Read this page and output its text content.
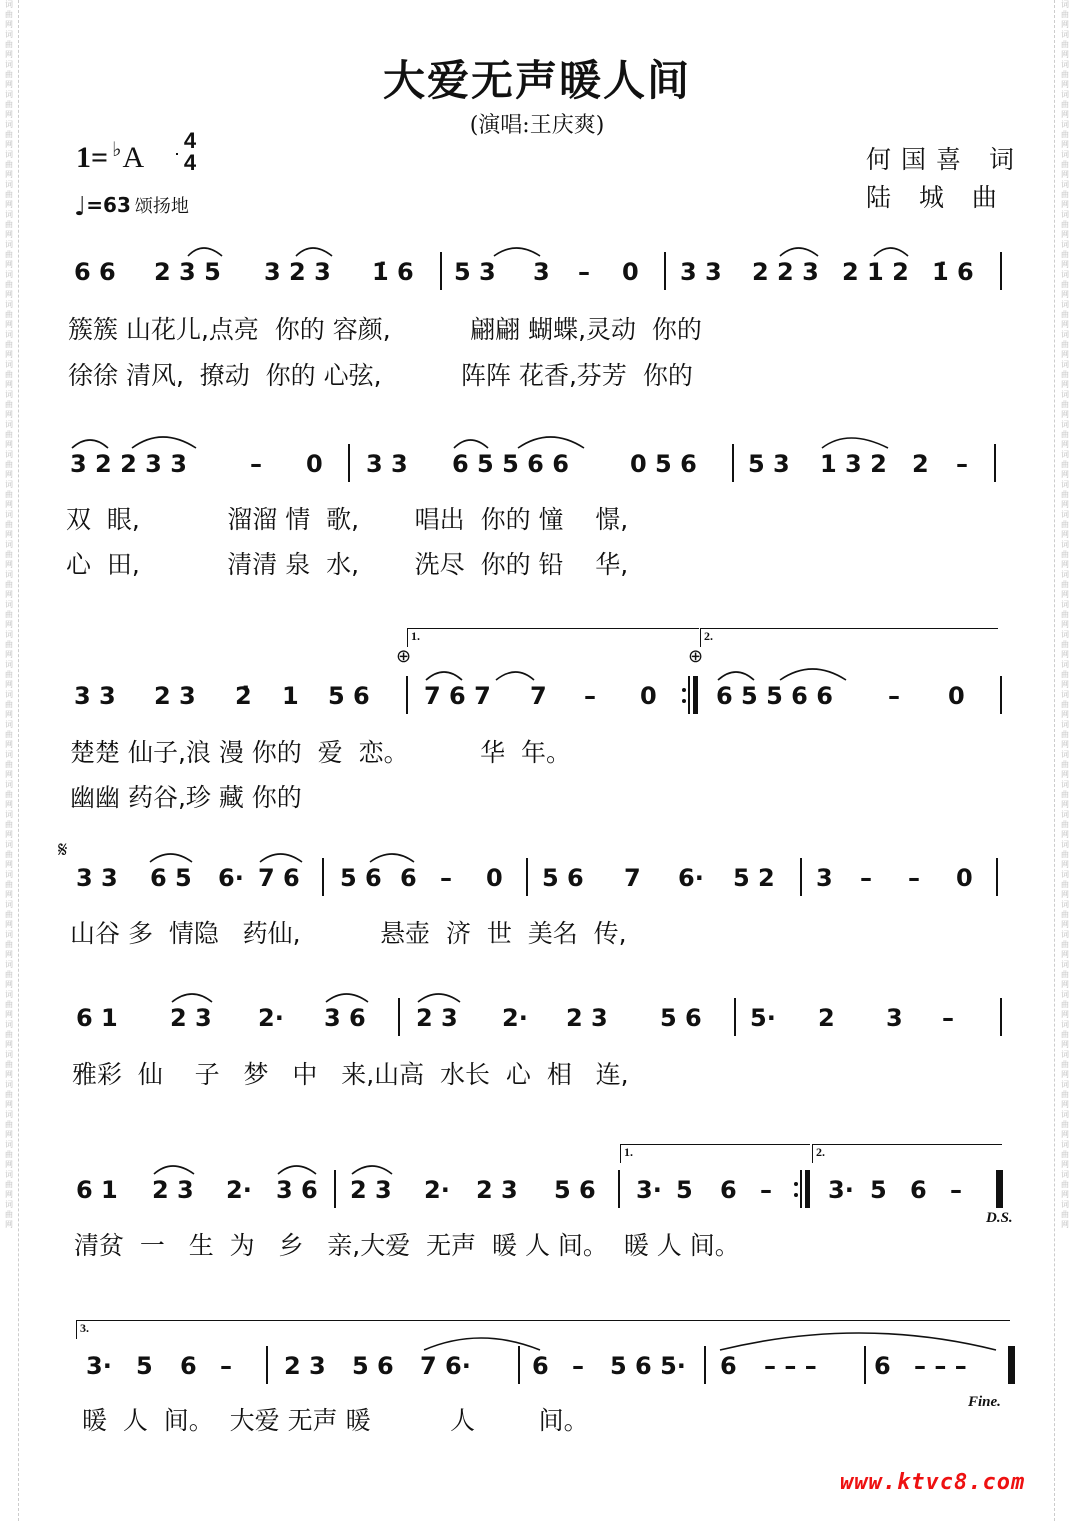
词曲网词曲网词曲网词曲网词曲网词曲网词曲网词曲网词曲网词曲网词曲网词曲网词曲网词曲网词曲网词曲网词曲网词曲网词曲网词曲网词曲网词曲网词曲网词曲网词曲网词曲网词曲网词曲网词曲网词曲网词曲网词曲网词曲网词曲网词曲网词曲网词曲网词曲网词曲网词曲网词曲网
词曲网词曲网词曲网词曲网词曲网词曲网词曲网词曲网词曲网词曲网词曲网词曲网词曲网词曲网词曲网词曲网词曲网词曲网词曲网词曲网词曲网词曲网词曲网词曲网词曲网词曲网词曲网词曲网词曲网词曲网词曲网词曲网词曲网词曲网词曲网词曲网词曲网词曲网词曲网词曲网词曲网
大爱无声暖人间
(演唱:王庆爽)
1= ♭A
4
4
♩=63 颂扬地
何国喜 词
陆 城 曲
6 6 2 3 5 3 2 3 1̇ 6 5 3 3 – 0 3 3 2 2 3 2 1 2 1̇ 6
簇簇 山花儿,点亮  你的 容颜,          翩翩 蝴蝶,灵动  你的
徐徐 清风,  撩动  你的 心弦,          阵阵 花香,芬芳  你的
3 2 2 3 3	– 0 3 3 6 5 5 6 6	0 5 6 5 3 1 3 2 2 –
双  眼,           溜溜 情  歌,       唱出  你的 憧    憬,
心  田,           清清 泉  水,       洗尽  你的 铅    华,
1.	2.
⊕	⊕
3 3 2 3 2̇ 1 5 6 7 6 7 7 – 0 6 5 5 6 6 – 0
楚楚 仙子,浪 漫 你的  爱  恋。         华  年。
幽幽 药谷,珍 藏 你的
𝄋
3 3 6 5 6· 7 6 5 6 6 – 0 5 6 7 6· 5 2 3 – – 0
山谷 多  情隐   药仙,          悬壶  济  世  美名  传,
6 1 2 3 2· 3 6 2 3 2· 2 3 5 6 5· 2 3 –
雅彩  仙    子   梦   中   来,山高  水长  心  相   连,
1.	2.
6 1 2 3 2· 3 6 2 3 2· 2 3 5 6 3· 5 6 – 3· 5 6 –
D.S.
清贫  一   生  为   乡   亲,大爱  无声  暖 人 间。  暖 人 间。
3.
3· 5 6 – 2 3 5 6 7 6·	6 – 5 6 5· 6 – – – 6 – – –
Fine.
暖  人  间。  大爱 无声 暖          人        间。
www.ktvc8.com
